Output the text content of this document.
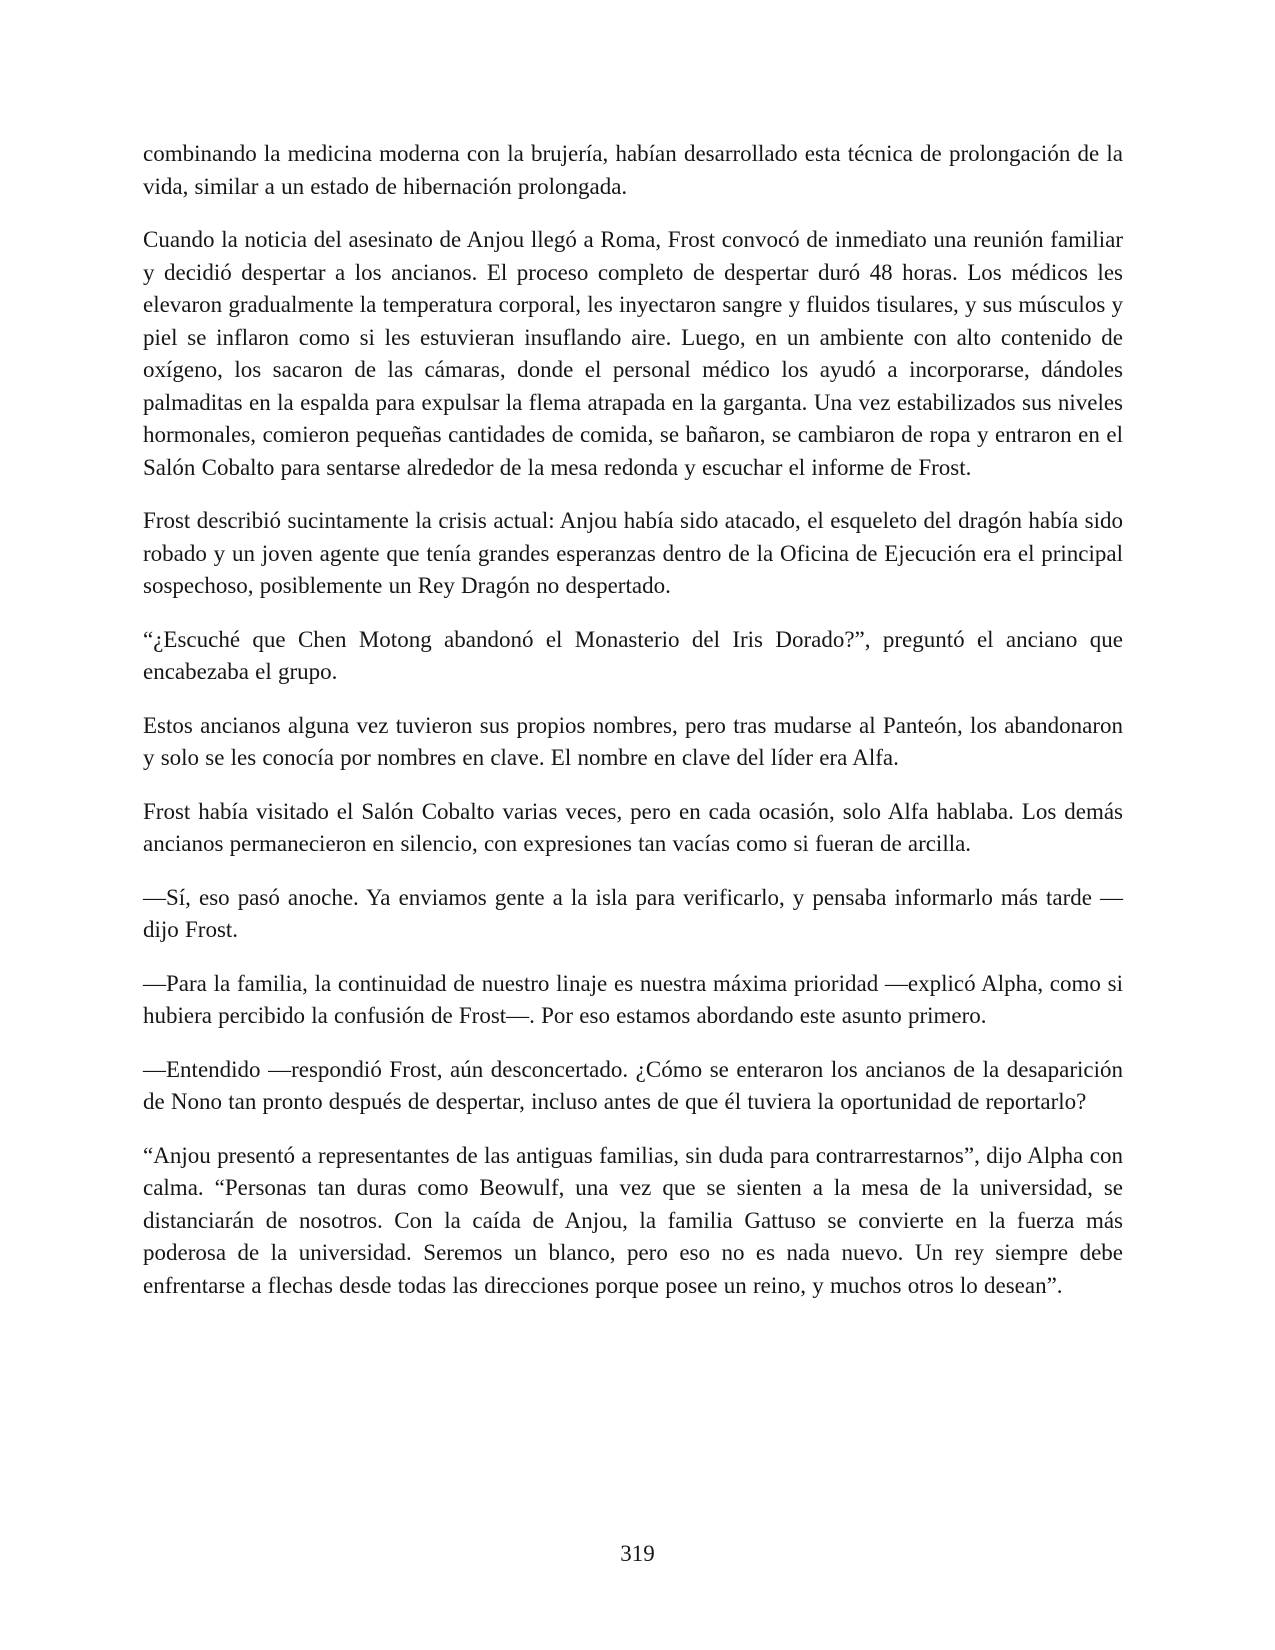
combinando la medicina moderna con la brujería, habían desarrollado esta técnica de prolongación de la vida, similar a un estado de hibernación prolongada.

Cuando la noticia del asesinato de Anjou llegó a Roma, Frost convocó de inmediato una reunión familiar y decidió despertar a los ancianos. El proceso completo de despertar duró 48 horas. Los médicos les elevaron gradualmente la temperatura corporal, les inyectaron sangre y fluidos tisulares, y sus músculos y piel se inflaron como si les estuvieran insuflando aire. Luego, en un ambiente con alto contenido de oxígeno, los sacaron de las cámaras, donde el personal médico los ayudó a incorporarse, dándoles palmaditas en la espalda para expulsar la flema atrapada en la garganta. Una vez estabilizados sus niveles hormonales, comieron pequeñas cantidades de comida, se bañaron, se cambiaron de ropa y entraron en el Salón Cobalto para sentarse alrededor de la mesa redonda y escuchar el informe de Frost.

Frost describió sucintamente la crisis actual: Anjou había sido atacado, el esqueleto del dragón había sido robado y un joven agente que tenía grandes esperanzas dentro de la Oficina de Ejecución era el principal sospechoso, posiblemente un Rey Dragón no despertado.

“¿Escuché que Chen Motong abandonó el Monasterio del Iris Dorado?”, preguntó el anciano que encabezaba el grupo.

Estos ancianos alguna vez tuvieron sus propios nombres, pero tras mudarse al Panteón, los abandonaron y solo se les conocía por nombres en clave. El nombre en clave del líder era Alfa.

Frost había visitado el Salón Cobalto varias veces, pero en cada ocasión, solo Alfa hablaba. Los demás ancianos permanecieron en silencio, con expresiones tan vacías como si fueran de arcilla.

—Sí, eso pasó anoche. Ya enviamos gente a la isla para verificarlo, y pensaba informarlo más tarde —dijo Frost.

—Para la familia, la continuidad de nuestro linaje es nuestra máxima prioridad —explicó Alpha, como si hubiera percibido la confusión de Frost—. Por eso estamos abordando este asunto primero.

—Entendido —respondió Frost, aún desconcertado. ¿Cómo se enteraron los ancianos de la desaparición de Nono tan pronto después de despertar, incluso antes de que él tuviera la oportunidad de reportarlo?

“Anjou presentó a representantes de las antiguas familias, sin duda para contrarrestarnos”, dijo Alpha con calma. “Personas tan duras como Beowulf, una vez que se sienten a la mesa de la universidad, se distanciarán de nosotros. Con la caída de Anjou, la familia Gattuso se convierte en la fuerza más poderosa de la universidad. Seremos un blanco, pero eso no es nada nuevo. Un rey siempre debe enfrentarse a flechas desde todas las direcciones porque posee un reino, y muchos otros lo desean”.

319
